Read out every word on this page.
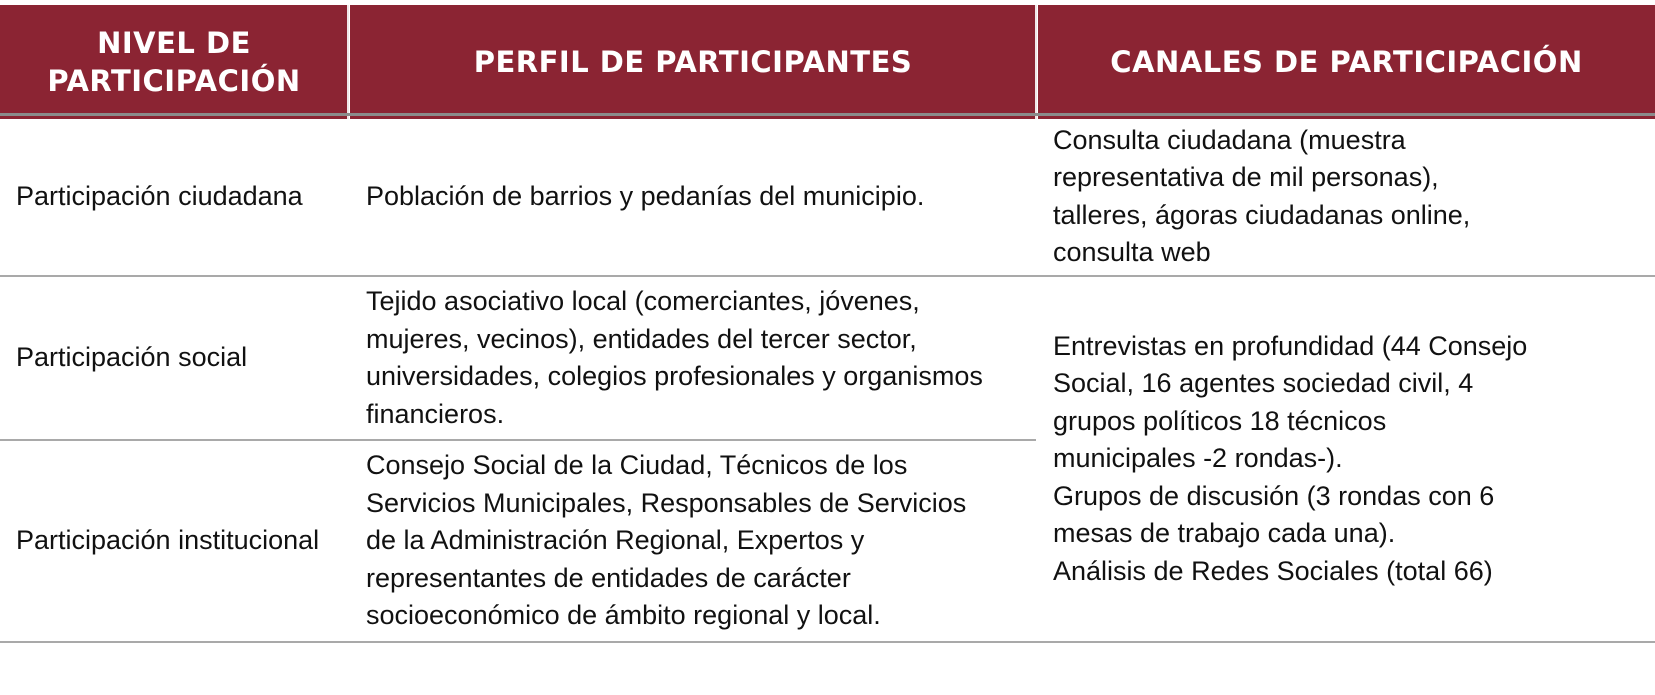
NIVEL DE
PARTICIPACIÓN
PERFIL DE PARTICIPANTES	CANALES DE PARTICIPACIÓN
Participación ciudadana Población de barrios y pedanías del municipio.
Consulta ciudadana (muestra
representativa de mil personas),
talleres, ágoras ciudadanas online,
consulta web
Participación social
Tejido asociativo local (comerciantes, jóvenes,
mujeres, vecinos), entidades del tercer sector,
universidades, colegios profesionales y organismos
financieros.
Participación institucional
Consejo Social de la Ciudad, Técnicos de los
Servicios Municipales, Responsables de Servicios
de la Administración Regional, Expertos y
representantes de entidades de carácter
socioeconómico de ámbito regional y local.
Entrevistas en profundidad (44 Consejo
Social, 16 agentes sociedad civil, 4
grupos políticos 18 técnicos
municipales -2 rondas-).
Grupos de discusión (3 rondas con 6
mesas de trabajo cada una).
Análisis de Redes Sociales (total 66)
